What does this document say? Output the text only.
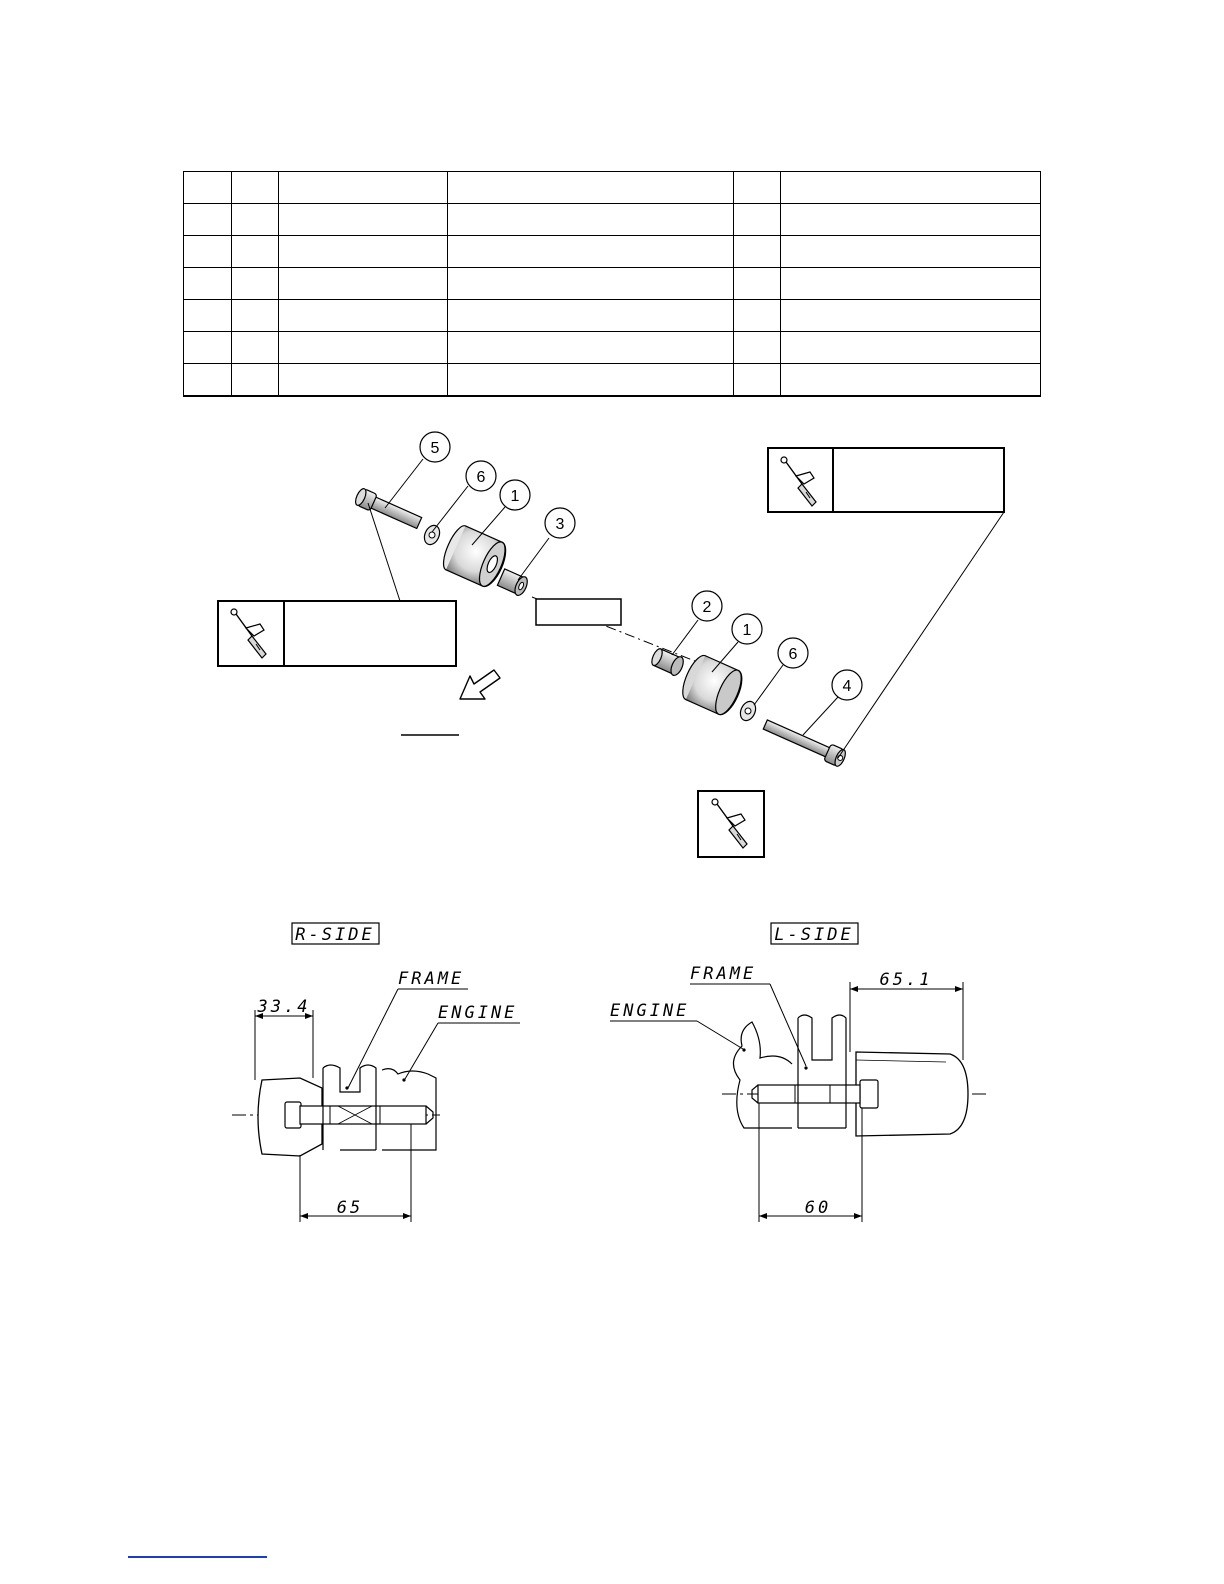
5
6
1
3
2
1
6
4
R-SIDE
FRAME
ENGINE
33.4
65
L-SIDE
FRAME
ENGINE
65.1
60
